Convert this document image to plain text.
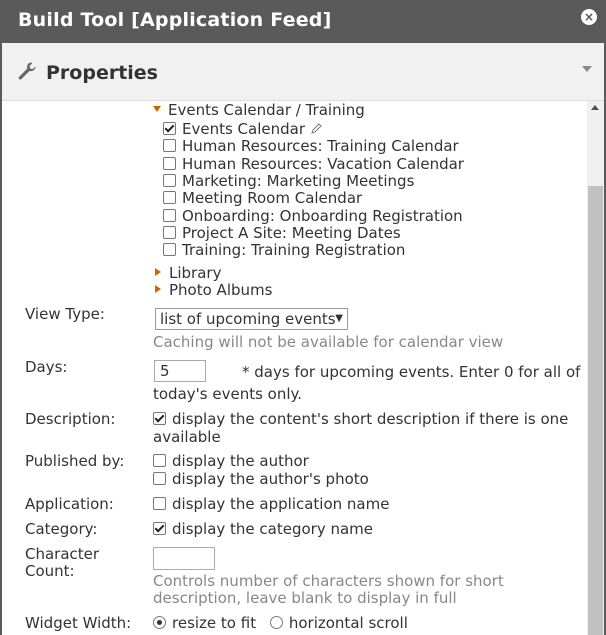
Build Tool [Application Feed]	×
Properties
Events Calendar / Training
Events Calendar
Human Resources: Training Calendar
Human Resources: Vacation Calendar
Marketing: Marketing Meetings
Meeting Room Calendar
Onboarding: Onboarding Registration
Project A Site: Meeting Dates
Training: Training Registration
Library
Photo Albums
View Type:	list of upcoming events ▼
Caching will not be available for calendar view
Days:	5	* days for upcoming events. Enter 0 for all of
today's events only.
Description:	display the content's short description if there is one
available
Published by:	display the author
display the author's photo
Application:	display the application name
Category:	display the category name
Character
Count:
Controls number of characters shown for short
description, leave blank to display in full
Widget Width:	resize to fit horizontal scroll
